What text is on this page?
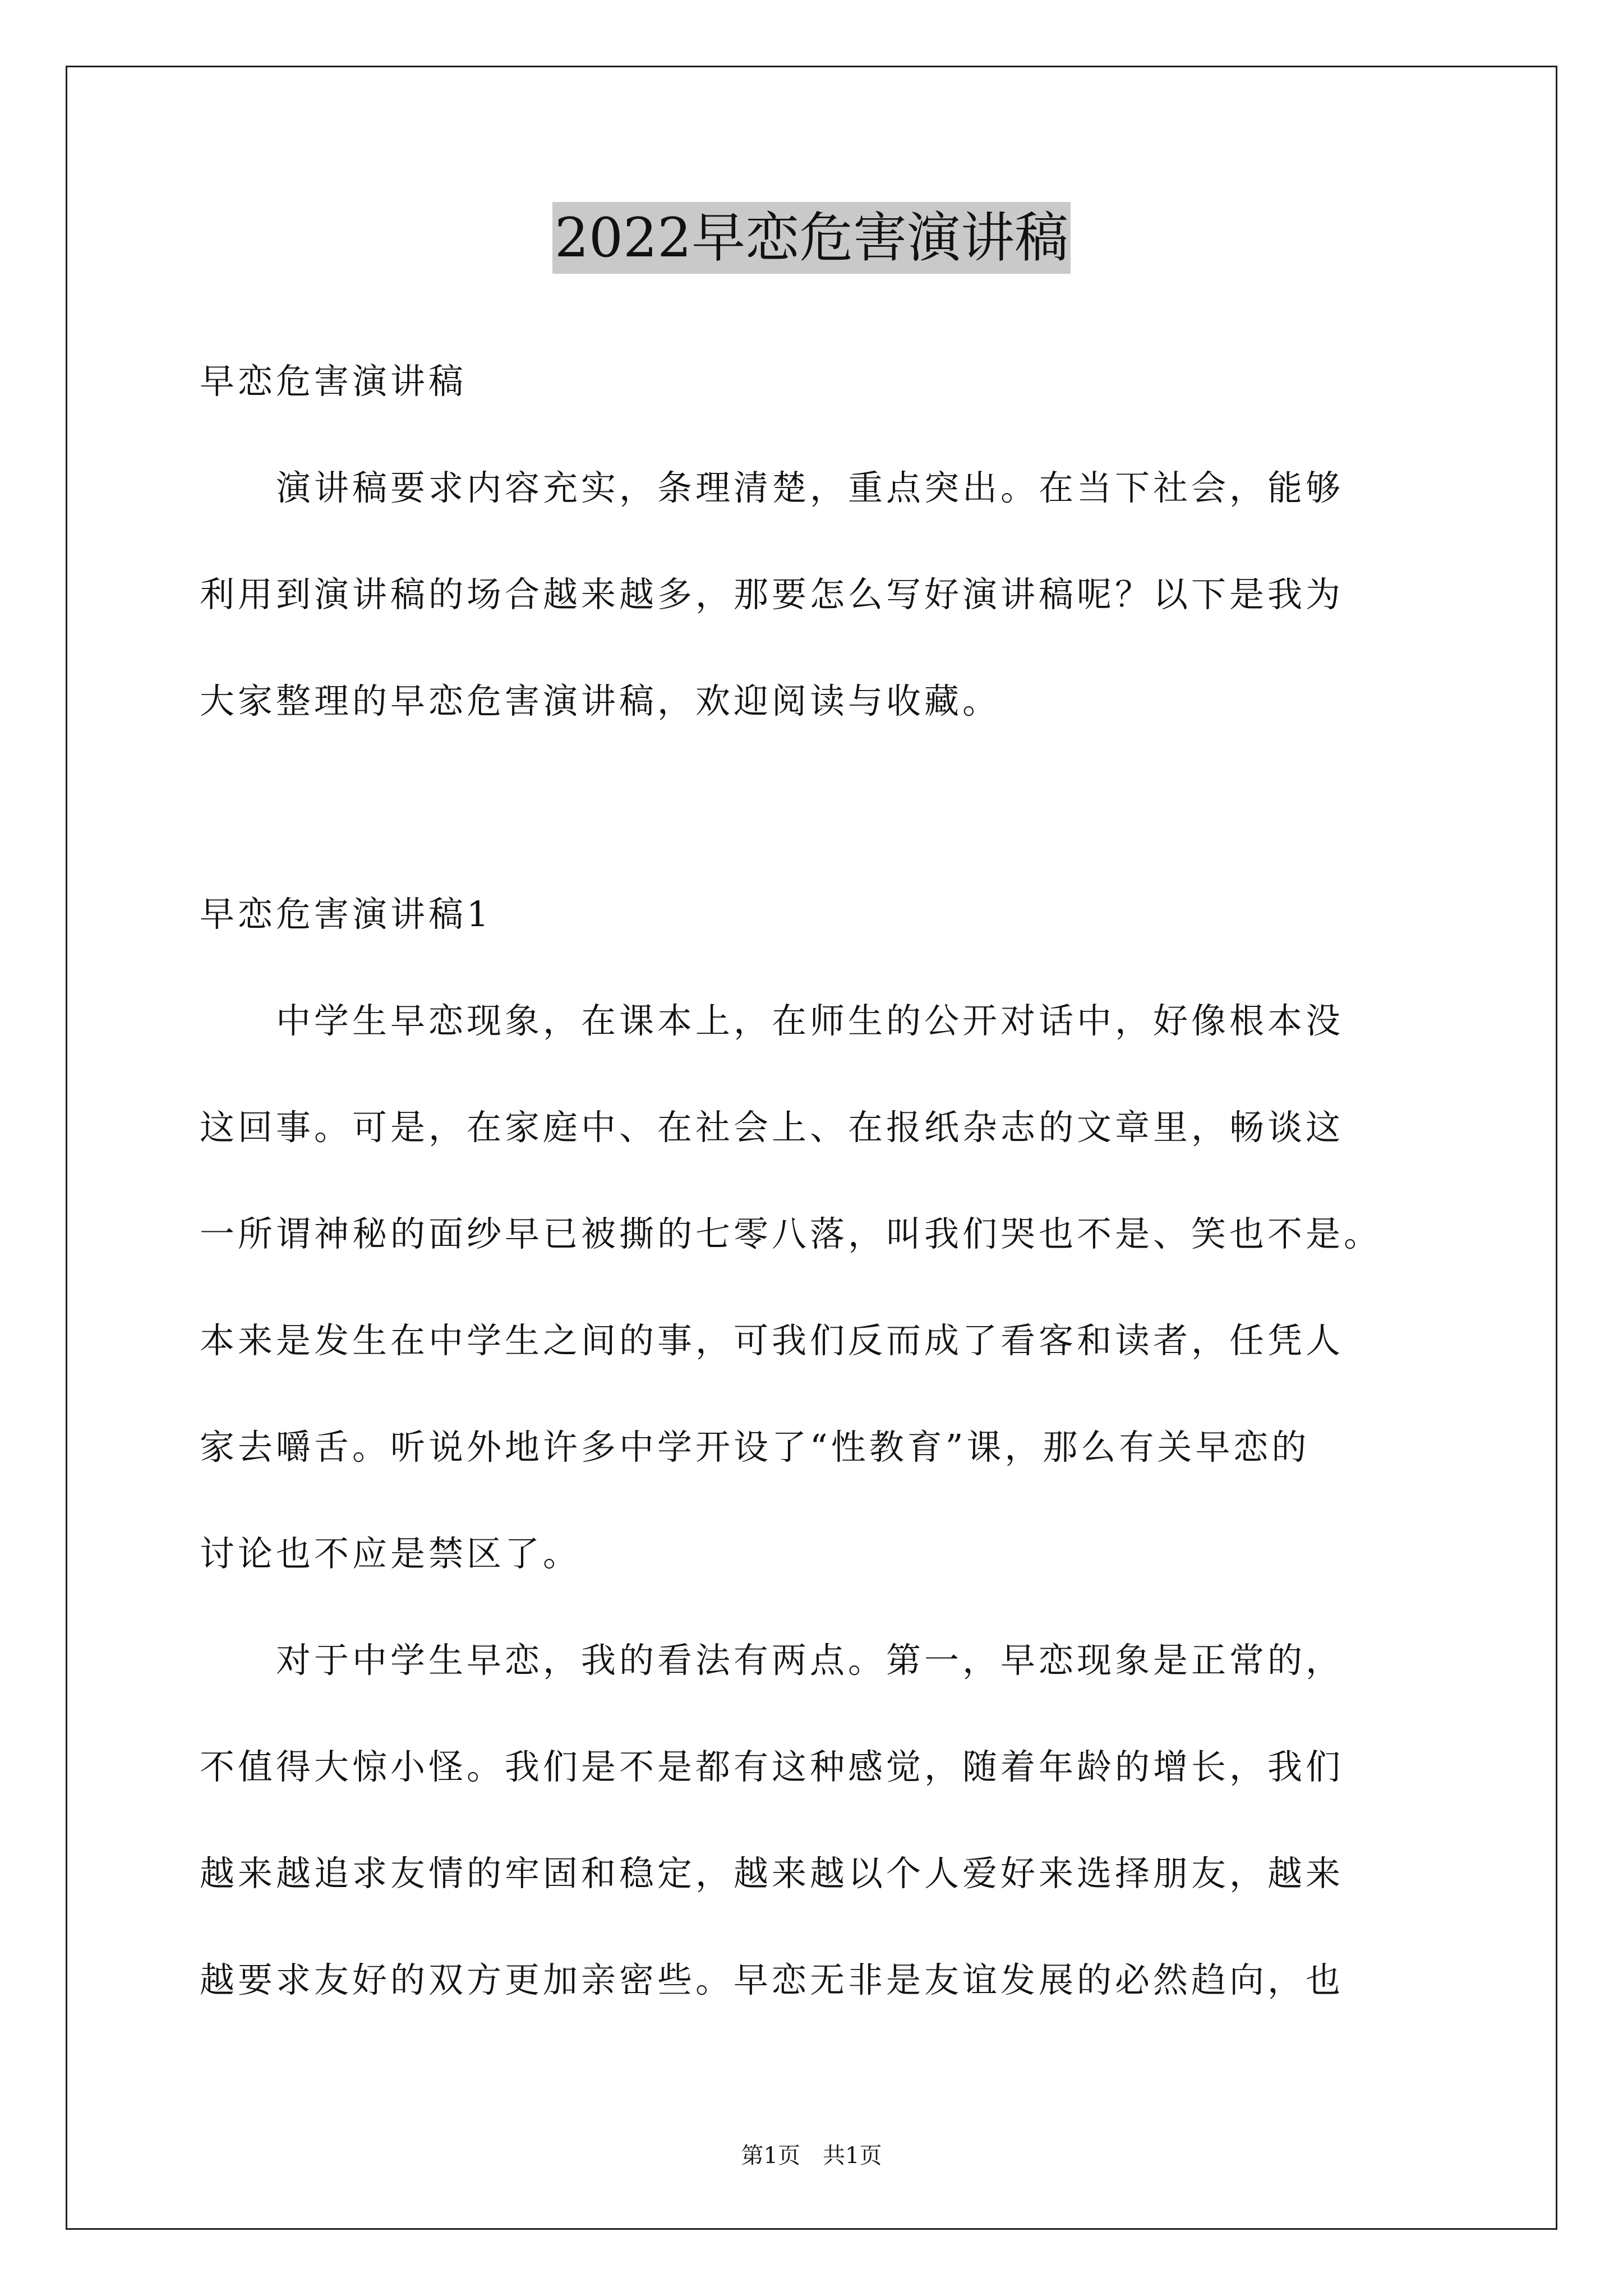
2022早恋危害演讲稿
早恋危害演讲稿
　　演讲稿要求内容充实，条理清楚，重点突出。在当下社会，能够
利用到演讲稿的场合越来越多，那要怎么写好演讲稿呢？以下是我为
大家整理的早恋危害演讲稿，欢迎阅读与收藏。
早恋危害演讲稿1
　　中学生早恋现象，在课本上，在师生的公开对话中，好像根本没
这回事。可是，在家庭中、在社会上、在报纸杂志的文章里，畅谈这
一所谓神秘的面纱早已被撕的七零八落，叫我们哭也不是、笑也不是。
本来是发生在中学生之间的事，可我们反而成了看客和读者，任凭人
家去嚼舌。听说外地许多中学开设了“性教育”课，那么有关早恋的
讨论也不应是禁区了。
　　对于中学生早恋，我的看法有两点。第一，早恋现象是正常的，
不值得大惊小怪。我们是不是都有这种感觉，随着年龄的增长，我们
越来越追求友情的牢固和稳定，越来越以个人爱好来选择朋友，越来
越要求友好的双方更加亲密些。早恋无非是友谊发展的必然趋向，也
第1页 共1页
